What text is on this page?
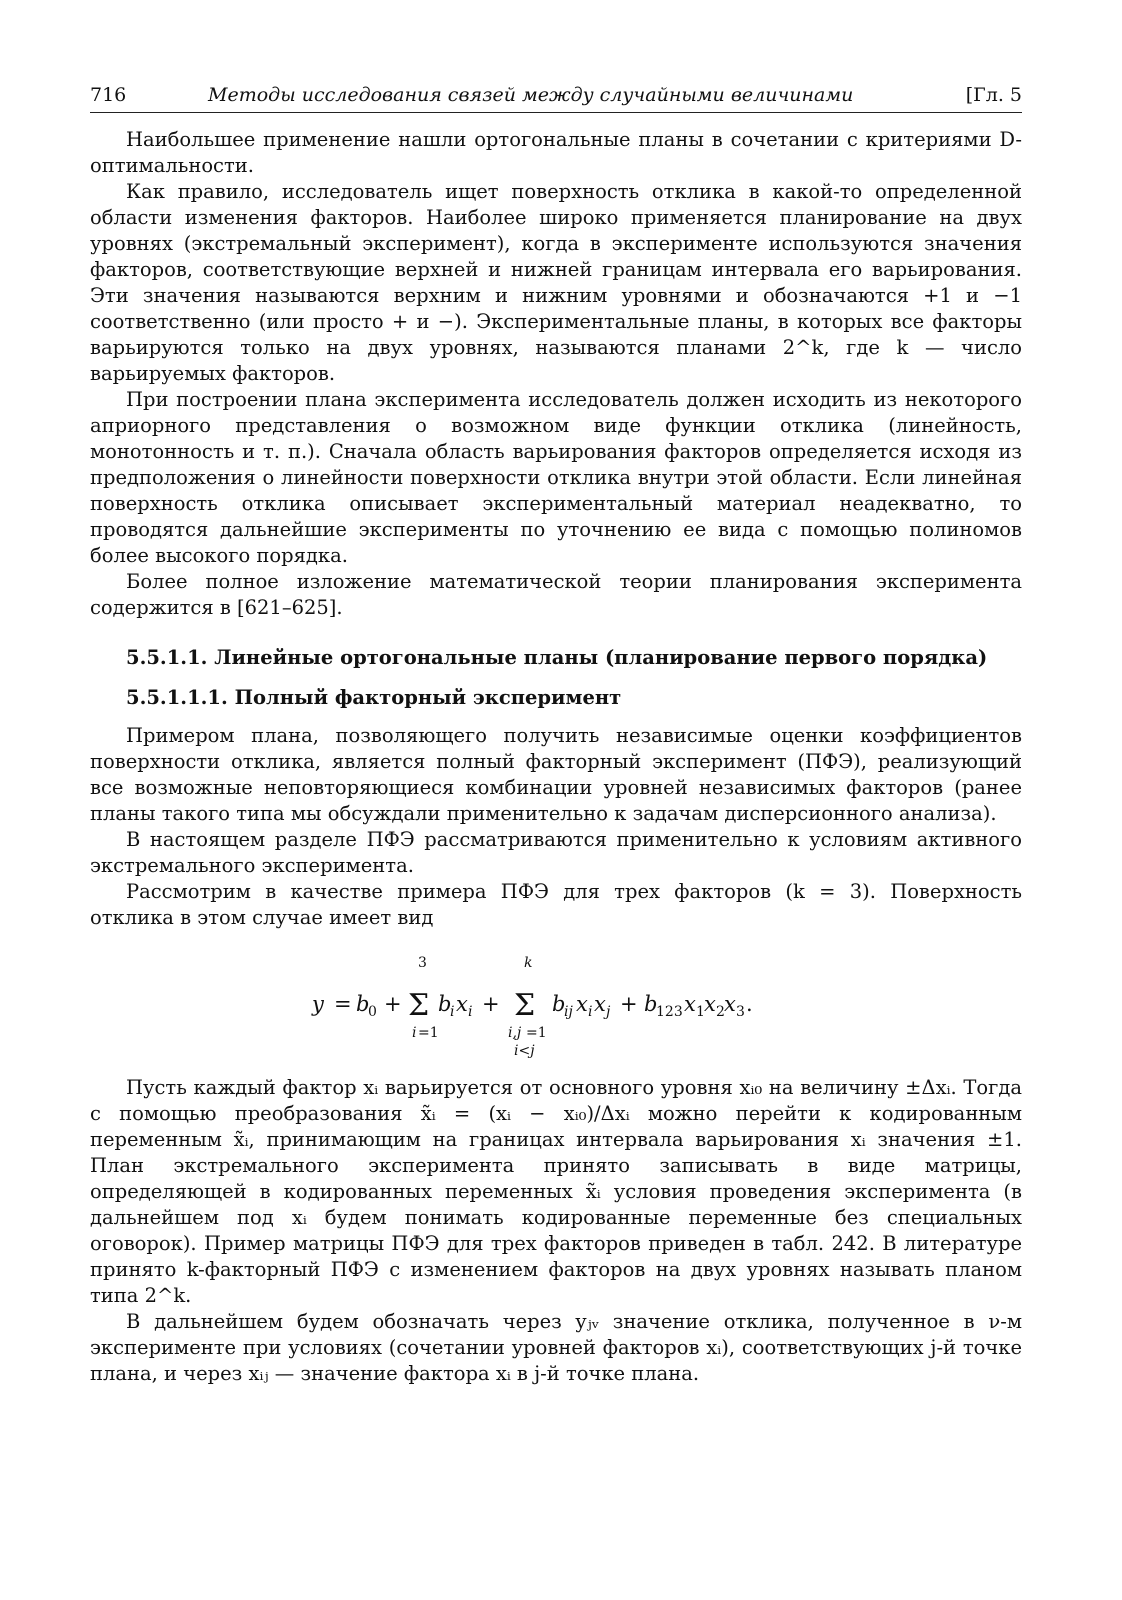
716	Методы исследования связей между случайными величинами	[Гл. 5

Наибольшее применение нашли ортогональные планы в сочетании с критериями D-оптимальности.

Как правило, исследователь ищет поверхность отклика в какой-то определенной области изменения факторов. Наиболее широко применяется планирование на двух уровнях (экстремальный эксперимент), когда в эксперименте используются значения факторов, соответствующие верхней и нижней границам интервала его варьирования. Эти значения называются верхним и нижним уровнями и обозначаются +1 и −1 соответственно (или просто + и −). Экспериментальные планы, в которых все факторы варьируются только на двух уровнях, называются планами 2^k, где k — число варьируемых факторов.

При построении плана эксперимента исследователь должен исходить из некоторого априорного представления о возможном виде функции отклика (линейность, монотонность и т. п.). Сначала область варьирования факторов определяется исходя из предположения о линейности поверхности отклика внутри этой области. Если линейная поверхность отклика описывает экспериментальный материал неадекватно, то проводятся дальнейшие эксперименты по уточнению ее вида с помощью полиномов более высокого порядка.

Более полное изложение математической теории планирования эксперимента содержится в [621–625].

5.5.1.1. Линейные ортогональные планы (планирование первого порядка)

5.5.1.1.1. Полный факторный эксперимент

Примером плана, позволяющего получить независимые оценки коэффициентов поверхности отклика, является полный факторный эксперимент (ПФЭ), реализующий все возможные неповторяющиеся комбинации уровней независимых факторов (ранее планы такого типа мы обсуждали применительно к задачам дисперсионного анализа).

В настоящем разделе ПФЭ рассматриваются применительно к условиям активного экстремального эксперимента.

Рассмотрим в качестве примера ПФЭ для трех факторов (k = 3). Поверхность отклика в этом случае имеет вид

y = b
0 +
3
Σ
i =1
b
i x i +
k
Σ
i,j =1
i<j
b
ij x i x j + b
123 x 1 x 2 x 3 .

Пусть каждый фактор xᵢ варьируется от основного уровня xᵢ₀ на величину ±Δxᵢ. Тогда с помощью преобразования x̃ᵢ = (xᵢ − xᵢ₀)/Δxᵢ можно перейти к кодированным переменным x̃ᵢ, принимающим на границах интервала варьирования xᵢ значения ±1. План экстремального эксперимента принято записывать в виде матрицы, определяющей в кодированных переменных x̃ᵢ условия проведения эксперимента (в дальнейшем под xᵢ будем понимать кодированные переменные без специальных оговорок). Пример матрицы ПФЭ для трех факторов приведен в табл. 242. В литературе принято k-факторный ПФЭ с изменением факторов на двух уровнях называть планом типа 2^k.

В дальнейшем будем обозначать через yⱼᵥ значение отклика, полученное в ν-м эксперименте при условиях (сочетании уровней факторов xᵢ), соответствующих j-й точке плана, и через xᵢⱼ — значение фактора xᵢ в j-й точке плана.
